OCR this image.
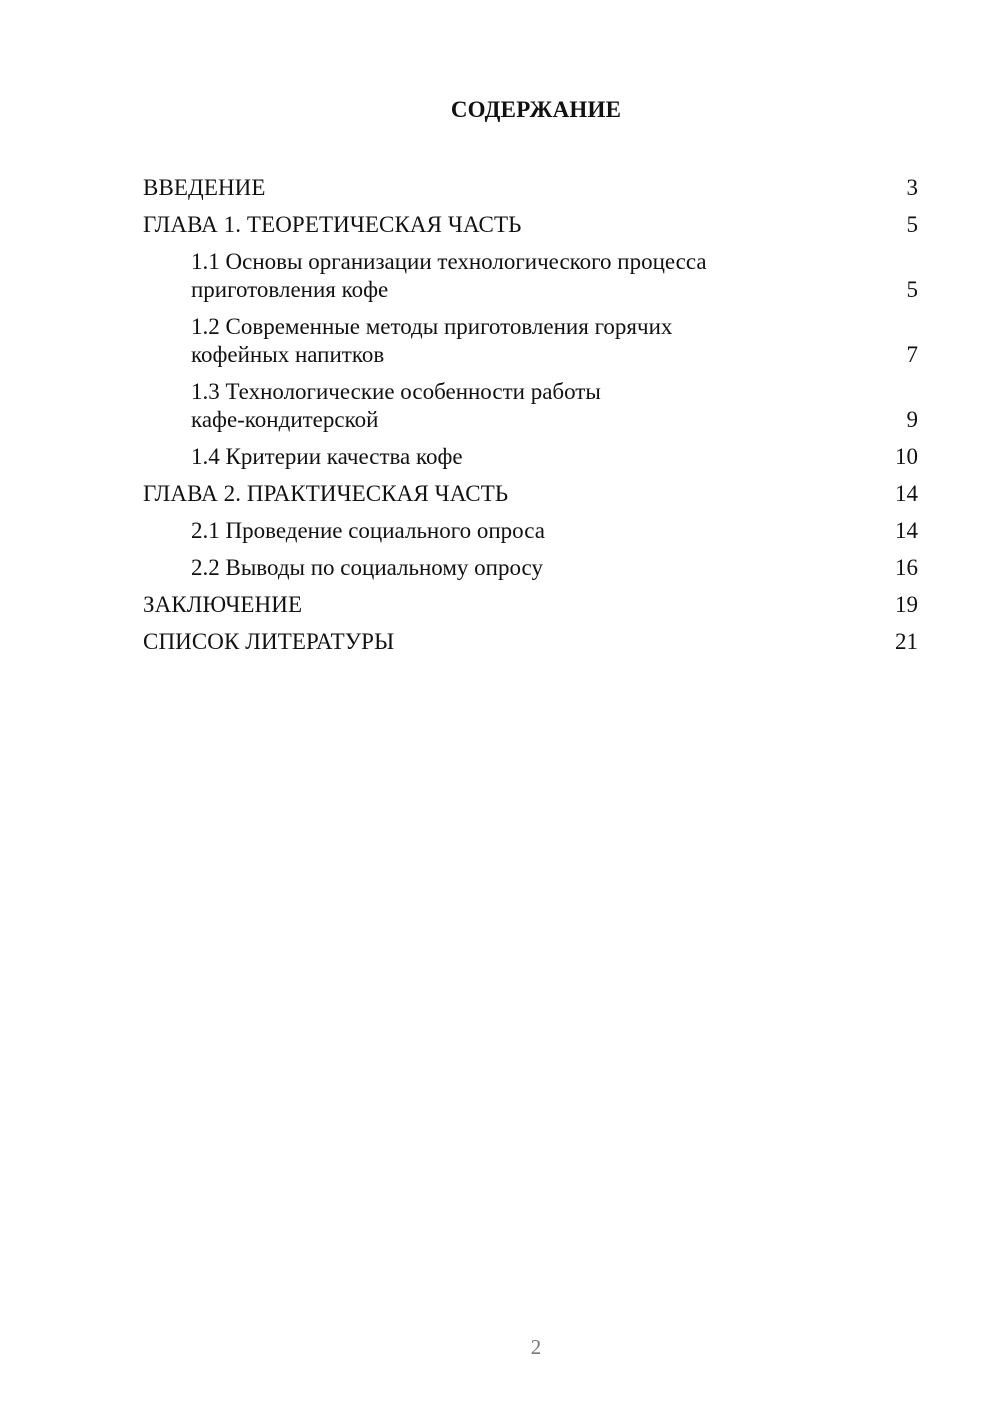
СОДЕРЖАНИЕ
ВВЕДЕНИЕ	3
ГЛАВА 1. ТЕОРЕТИЧЕСКАЯ ЧАСТЬ	5
1.1 Основы организации технологического процесса приготовления кофе	5
1.2 Современные методы приготовления горячих кофейных напитков	7
1.3 Технологические особенности работы кафе-кондитерской	9
1.4 Критерии качества кофе	10
ГЛАВА 2. ПРАКТИЧЕСКАЯ ЧАСТЬ	14
2.1 Проведение социального опроса	14
2.2 Выводы по социальному опросу	16
ЗАКЛЮЧЕНИЕ	19
СПИСОК ЛИТЕРАТУРЫ	21
2
